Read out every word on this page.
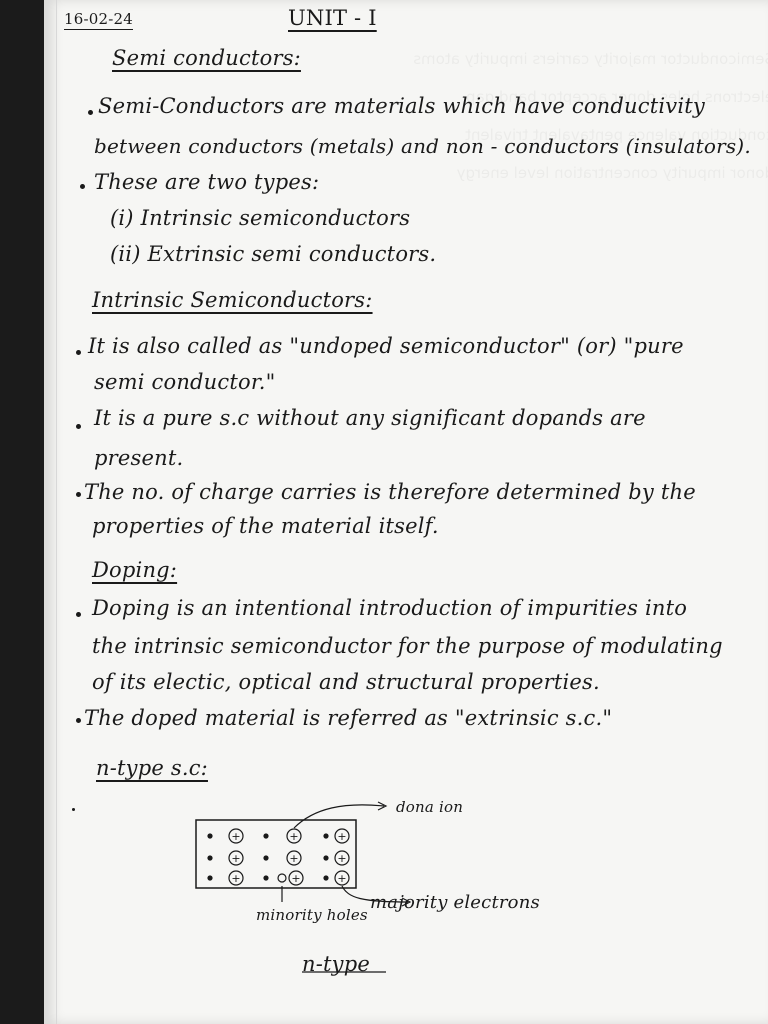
16-02-24	UNIT - I
Semi conductors:
Semi-Conductors are materials which have conductivity
between conductors (metals) and non - conductors (insulators).
These are two types:
(i) Intrinsic semiconductors
(ii) Extrinsic semi conductors.
Intrinsic Semiconductors:
It is also called as "undoped semiconductor" (or) "pure
semi conductor."
It is a pure s.c without any significant dopands are
present.
The no. of charge carries is therefore determined by the
properties of the material itself.
Doping:
Doping is an intentional introduction of impurities into
the intrinsic semiconductor for the purpose of modulating
of its electic, optical and structural properties.
The doped material is referred as "extrinsic s.c."
n-type s.c:
+	+	+
+	+	+
+	+	+
dona ion
minority holes
majority electrons
n-type
